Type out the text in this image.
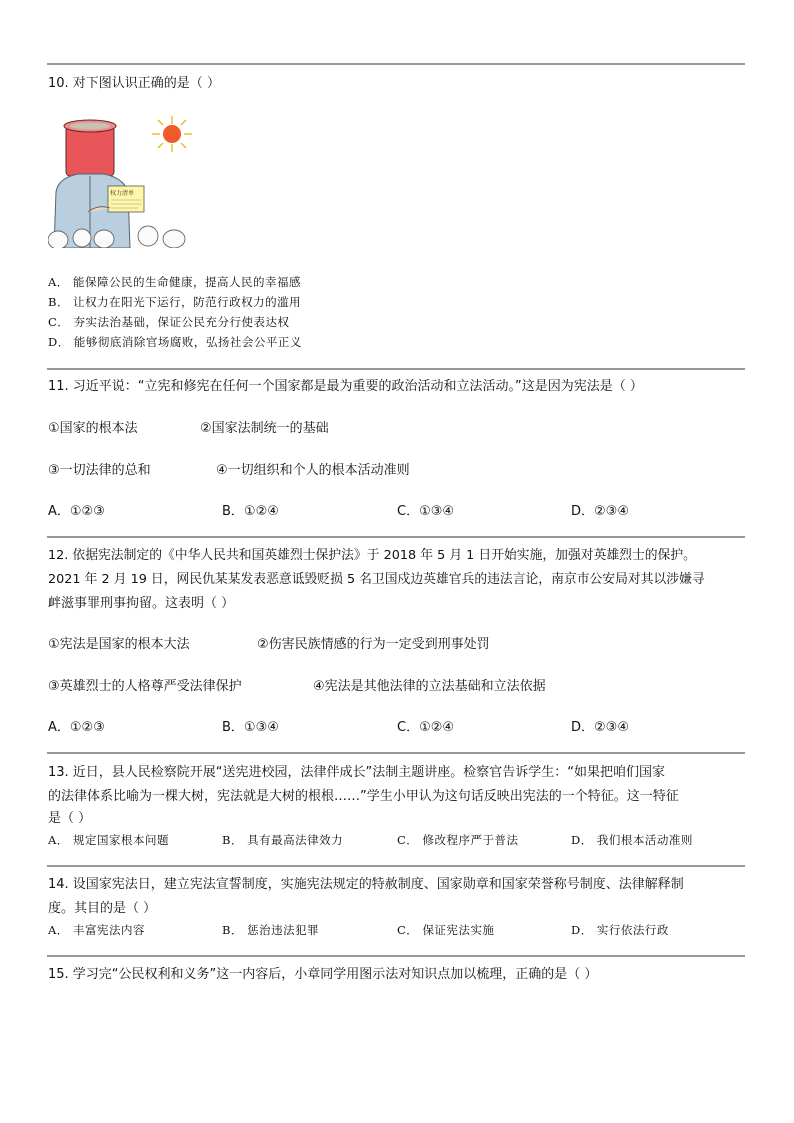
10. 对下图认识正确的是（ ）
权力清单
A． 能保障公民的生命健康，提高人民的幸福感
B． 让权力在阳光下运行，防范行政权力的滥用
C． 夯实法治基础，保证公民充分行使表达权
D． 能够彻底消除官场腐败，弘扬社会公平正义
11. 习近平说：“立宪和修宪在任何一个国家都是最为重要的政治活动和立法活动。”这是因为宪法是（ ）
①国家的根本法	②国家法制统一的基础
③一切法律的总和	④一切组织和个人的根本活动准则
A．①②③	B．①②④	C．①③④	D．②③④
12. 依据宪法制定的《中华人民共和国英雄烈士保护法》于 2018 年 5 月 1 日开始实施，加强对英雄烈士的保护。
2021 年 2 月 19 日，网民仇某某发表恶意诋毁贬损 5 名卫国戍边英雄官兵的违法言论，南京市公安局对其以涉嫌寻
衅滋事罪刑事拘留。这表明（ ）
①宪法是国家的根本大法	②伤害民族情感的行为一定受到刑事处罚
③英雄烈士的人格尊严受法律保护	④宪法是其他法律的立法基础和立法依据
A．①②③	B．①③④	C．①②④	D．②③④
13. 近日，县人民检察院开展“送宪进校园，法律伴成长”法制主题讲座。检察官告诉学生：“如果把咱们国家
的法律体系比喻为一棵大树，宪法就是大树的根根……”学生小甲认为这句话反映出宪法的一个特征。这一特征
是（ ）
A． 规定国家根本问题	B． 具有最高法律效力	C． 修改程序严于普法	D． 我们根本活动准则
14. 设国家宪法日，建立宪法宣誓制度，实施宪法规定的特赦制度、国家勋章和国家荣誉称号制度、法律解释制
度。其目的是（ ）
A． 丰富宪法内容	B． 惩治违法犯罪	C． 保证宪法实施	D． 实行依法行政
15. 学习完“公民权利和义务”这一内容后，小章同学用图示法对知识点加以梳理，正确的是（ ）
